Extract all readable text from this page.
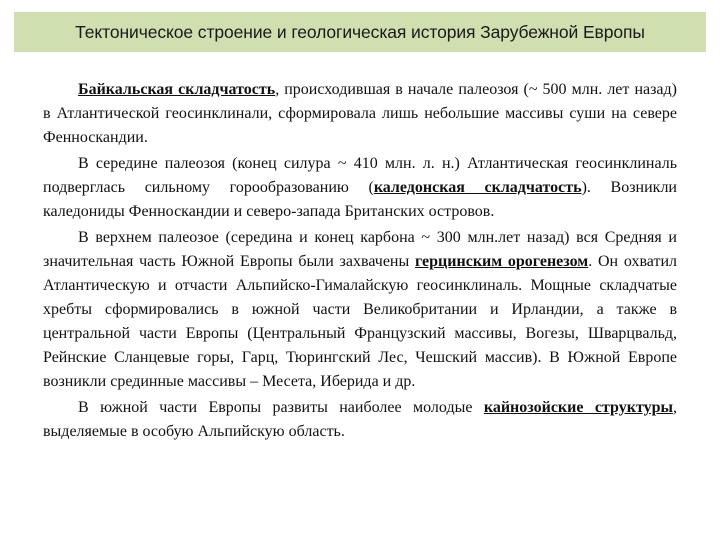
Тектоническое строение и геологическая история Зарубежной Европы

Байкальская складчатость, происходившая в начале палеозоя (~ 500 млн. лет назад) в Атлантической геосинклинали, сформировала лишь небольшие массивы суши на севере Фенноскандии.

В середине палеозоя (конец силура ~ 410 млн. л. н.) Атлантическая геосинклиналь подверглась сильному горообразованию (каледонская складчатость). Возникли каледониды Фенноскандии и северо-запада Британских островов.

В верхнем палеозое (середина и конец карбона ~ 300 млн.лет назад) вся Средняя и значительная часть Южной Европы были захвачены герцинским орогенезом. Он охватил Атлантическую и отчасти Альпийско-Гималайскую геосинклиналь. Мощные складчатые хребты сформировались в южной части Великобритании и Ирландии, а также в центральной части Европы (Центральный Французский массивы, Вогезы, Шварцвальд, Рейнские Сланцевые горы, Гарц, Тюрингский Лес, Чешский массив). В Южной Европе возникли срединные массивы – Месета, Иберида и др.

В южной части Европы развиты наиболее молодые кайнозойские структуры, выделяемые в особую Альпийскую область.
